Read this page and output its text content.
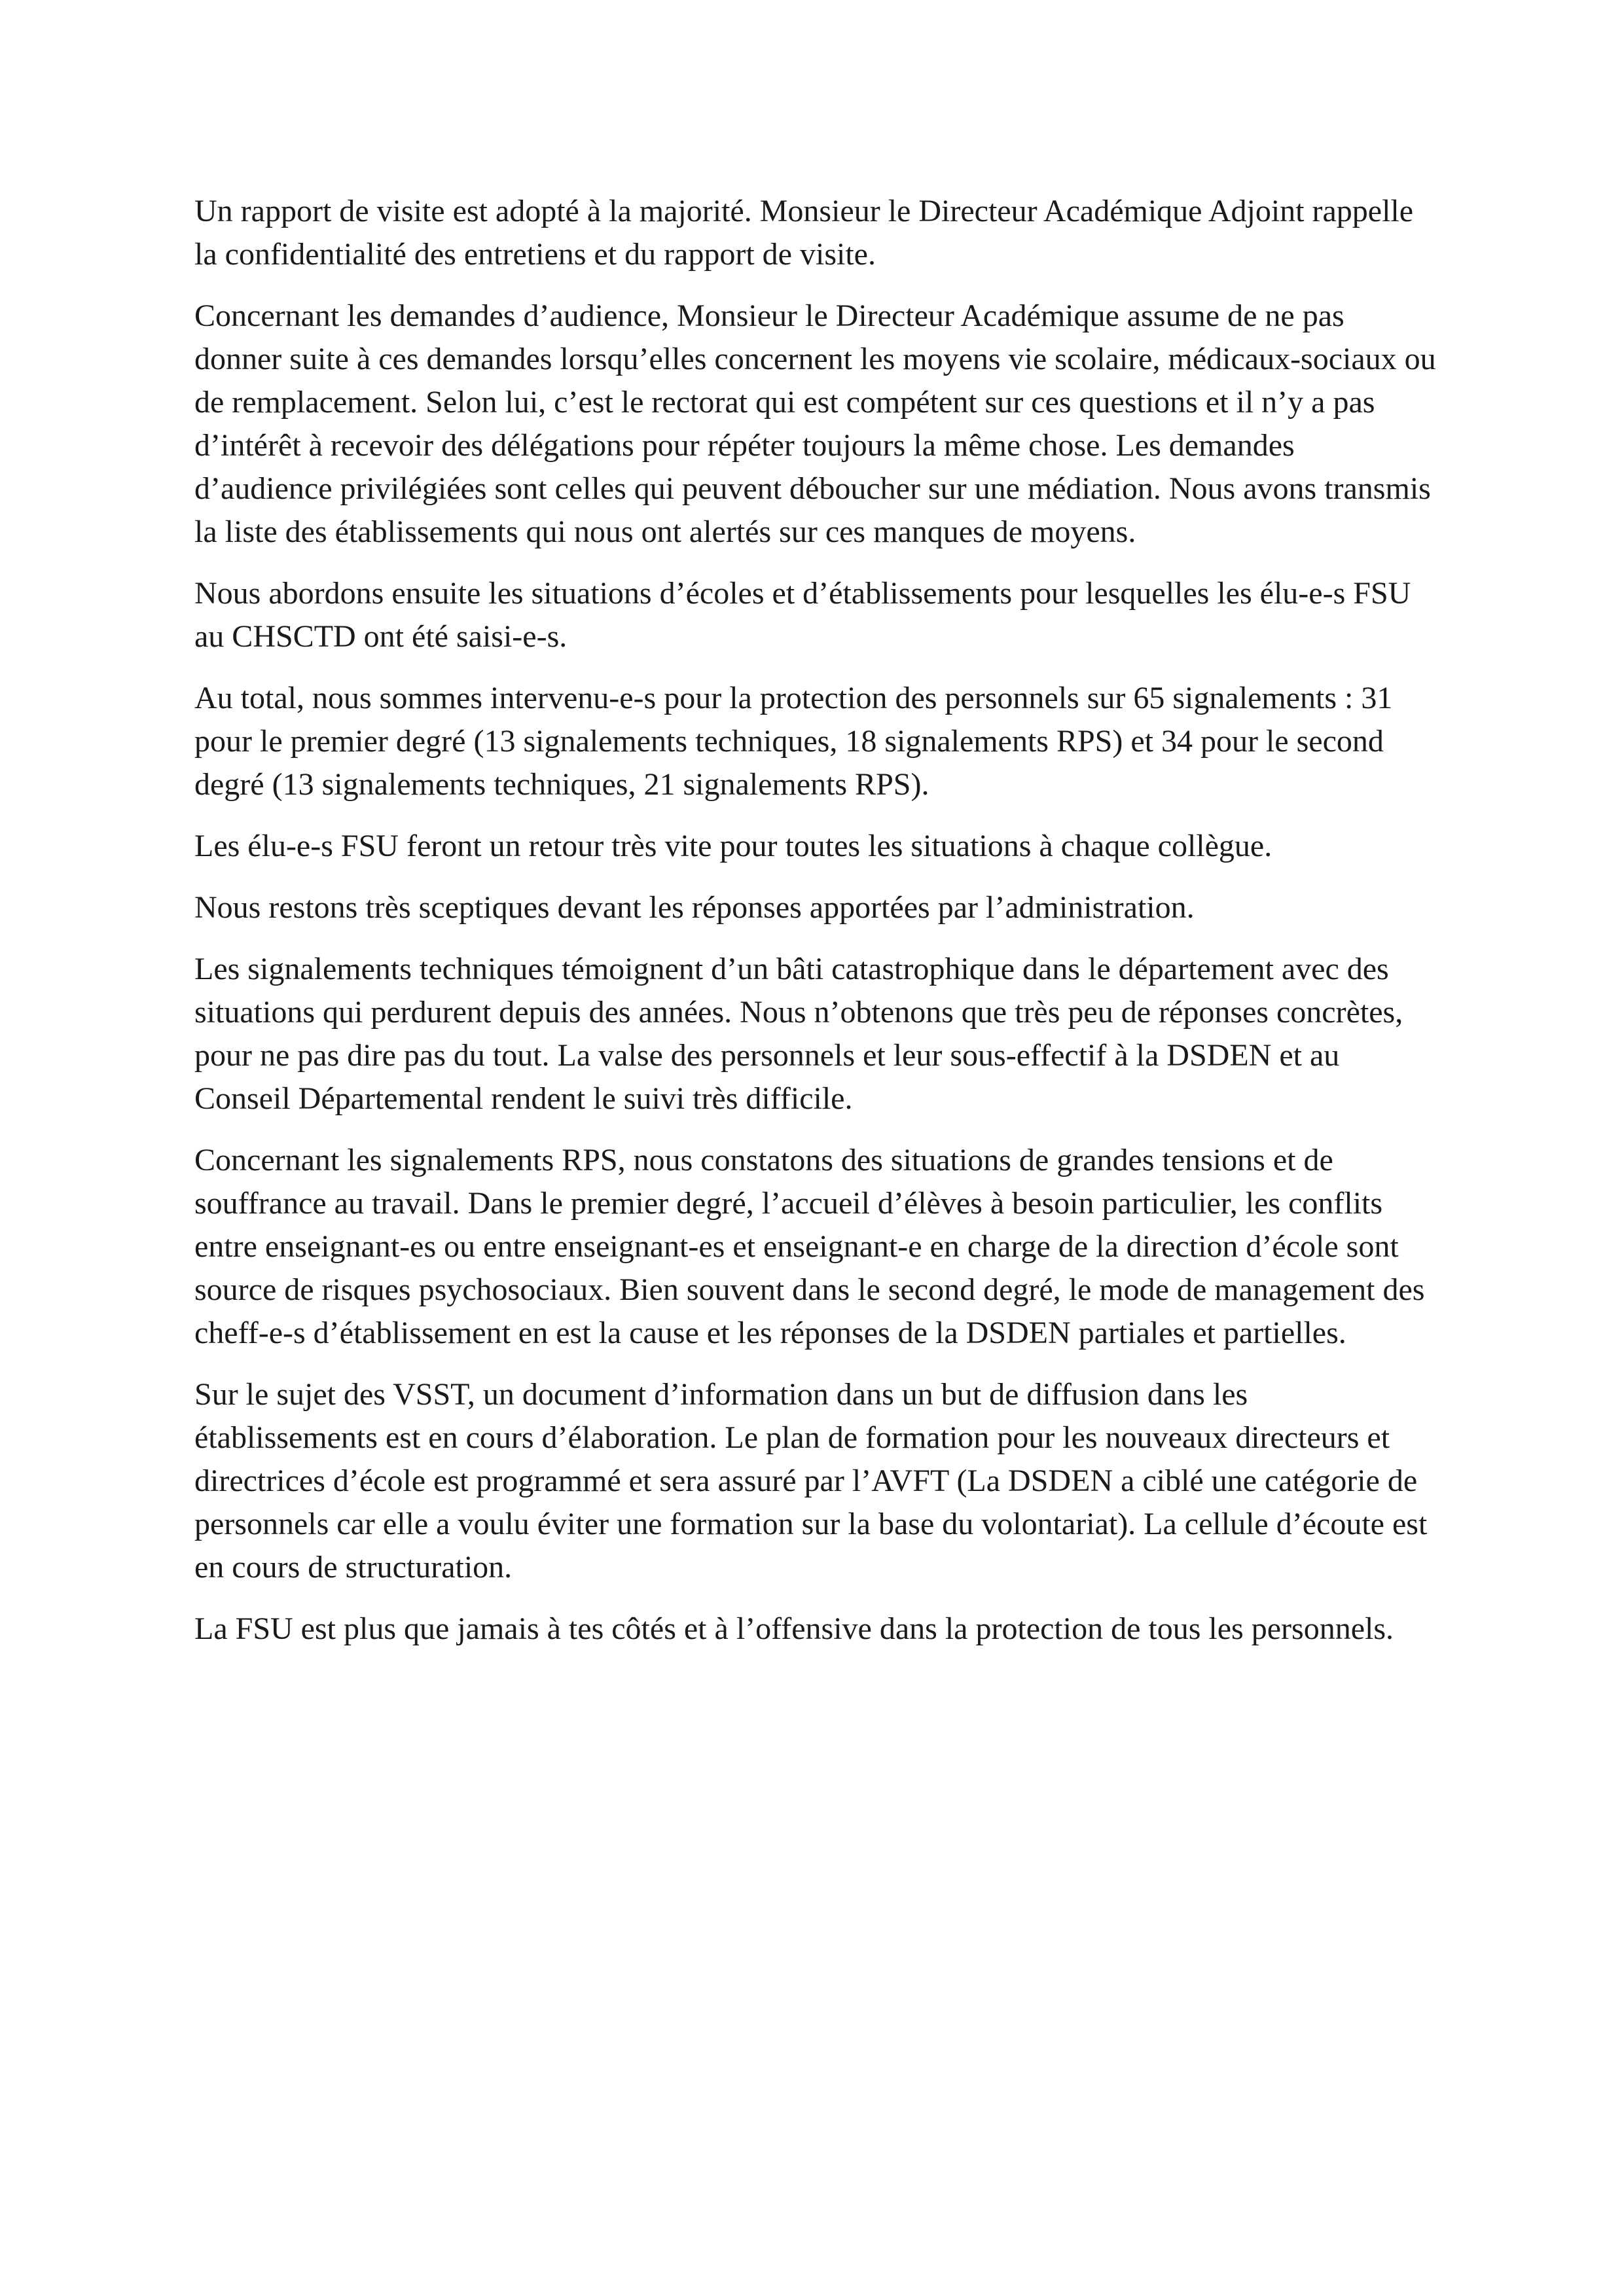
Un rapport de visite est adopté à la majorité. Monsieur le Directeur Académique Adjoint rappelle la confidentialité des entretiens et du rapport de visite.

Concernant les demandes d’audience, Monsieur le Directeur Académique assume de ne pas donner suite à ces demandes lorsqu’elles concernent les moyens vie scolaire, médicaux-sociaux ou de remplacement. Selon lui, c’est le rectorat qui est compétent sur ces questions et il n’y a pas d’intérêt à recevoir des délégations pour répéter toujours la même chose. Les demandes d’audience privilégiées sont celles qui peuvent déboucher sur une médiation. Nous avons transmis la liste des établissements qui nous ont alertés sur ces manques de moyens.

Nous abordons ensuite les situations d’écoles et d’établissements pour lesquelles les élu-e-s FSU au CHSCTD ont été saisi-e-s.

Au total, nous sommes intervenu-e-s pour la protection des personnels sur 65 signalements : 31 pour le premier degré (13 signalements techniques, 18 signalements RPS) et 34 pour le second degré (13 signalements techniques, 21 signalements RPS).

Les élu-e-s FSU feront un retour très vite pour toutes les situations à chaque collègue.

Nous restons très sceptiques devant les réponses apportées par l’administration.

Les signalements techniques témoignent d’un bâti catastrophique dans le département avec des situations qui perdurent depuis des années. Nous n’obtenons que très peu de réponses concrètes, pour ne pas dire pas du tout. La valse des personnels et leur sous-effectif à la DSDEN et au Conseil Départemental rendent le suivi très difficile.

Concernant les signalements RPS, nous constatons des situations de grandes tensions et de souffrance au travail. Dans le premier degré, l’accueil d’élèves à besoin particulier, les conflits entre enseignant-es ou entre enseignant-es et enseignant-e en charge de la direction d’école sont source de risques psychosociaux. Bien souvent dans le second degré, le mode de management des cheff-e-s d’établissement en est la cause et les réponses de la DSDEN partiales et partielles.

Sur le sujet des VSST, un document d’information dans un but de diffusion dans les établissements est en cours d’élaboration. Le plan de formation pour les nouveaux directeurs et directrices d’école est programmé et sera assuré par l’AVFT (La DSDEN a ciblé une catégorie de personnels car elle a voulu éviter une formation sur la base du volontariat). La cellule d’écoute est en cours de structuration.

La FSU est plus que jamais à tes côtés et à l’offensive dans la protection de tous les personnels.
